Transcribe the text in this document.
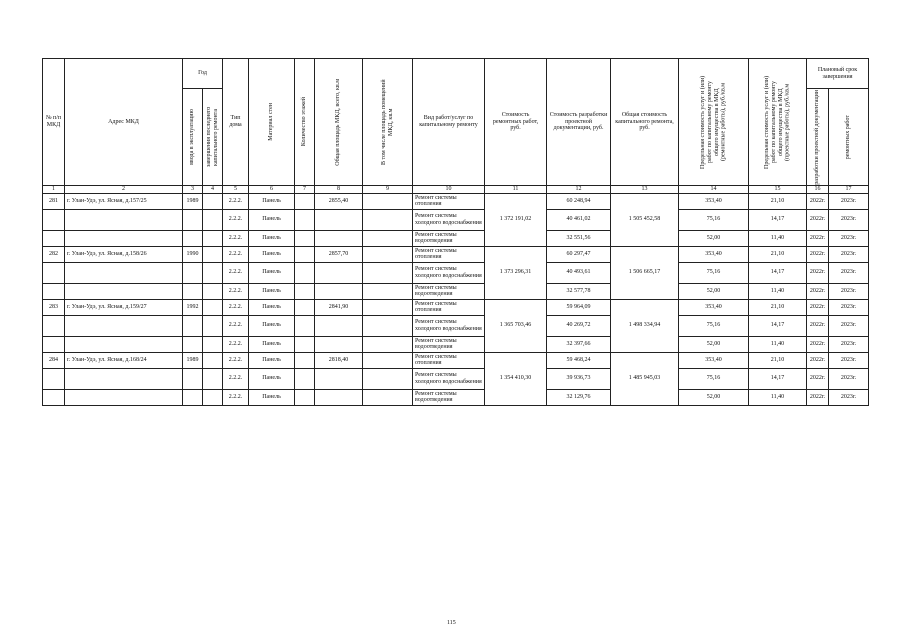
№ п/п МКД	Адрес МКД	Год		Тип дома	Материал стен	Количество этажей	Общая площадь МКД, всего, кв.м	В том числе площадь помещений МКД, кв.м	Вид работ/услуг по капитальному ремонту	Стоимость ремонтных работ, руб.	Стоимость разработки проектной документации, руб.	Общая стоимость капитального ремонта, руб.	Предельная стоимость услуг и (или) работ по капитальному ремонту общего имущества в МКД (ремонтные работы), руб./кв.м	Предельная стоимость услуг и (или) работ по капитальному ремонту общего имущества в МКД (проектные работы), руб./кв.м	Плановый срок завершения	

		ввода в эксплуатацию	завершения последнего капитального ремонта												разработки проектной документации	ремонтных работ

1	2	3	4	5	6	7	8	9	10	11	12	13	14	15	16	17
281	г. Улан-Удэ, ул. Ясная, д.157/25	1989		2.2.2.	Панель		2855,40		Ремонт системы отопления	1 372 191,02	60 248,94	1 505 452,58	353,40	21,10	2022г.	2023г.
				2.2.2.	Панель				Ремонт системы холодного водоснабжения		40 461,02		75,16	14,17	2022г.	2023г.
				2.2.2.	Панель				Ремонт системы водоотведения		32 551,56		52,00	11,40	2022г.	2023г.
282	г. Улан-Удэ, ул. Ясная, д.158/26	1990		2.2.2.	Панель		2857,70		Ремонт системы отопления	1 373 296,31	60 297,47	1 506 665,17	353,40	21,10	2022г.	2023г.
				2.2.2.	Панель				Ремонт системы холодного водоснабжения		40 493,61		75,16	14,17	2022г.	2023г.
				2.2.2.	Панель				Ремонт системы водоотведения		32 577,78		52,00	11,40	2022г.	2023г.
283	г. Улан-Удэ, ул. Ясная, д.159/27	1992		2.2.2.	Панель		2841,90		Ремонт системы отопления	1 365 703,46	59 964,09	1 498 334,94	353,40	21,10	2022г.	2023г.
				2.2.2.	Панель				Ремонт системы холодного водоснабжения		40 269,72		75,16	14,17	2022г.	2023г.
				2.2.2.	Панель				Ремонт системы водоотведения		32 397,66		52,00	11,40	2022г.	2023г.
284	г. Улан-Удэ, ул. Ясная, д.168/24	1989		2.2.2.	Панель		2818,40		Ремонт системы отопления	1 354 410,30	59 468,24	1 485 945,03	353,40	21,10	2022г.	2023г.
				2.2.2.	Панель				Ремонт системы холодного водоснабжения		39 936,73		75,16	14,17	2022г.	2023г.
				2.2.2.	Панель				Ремонт системы водоотведения		32 129,76		52,00	11,40	2022г.	2023г.
115
